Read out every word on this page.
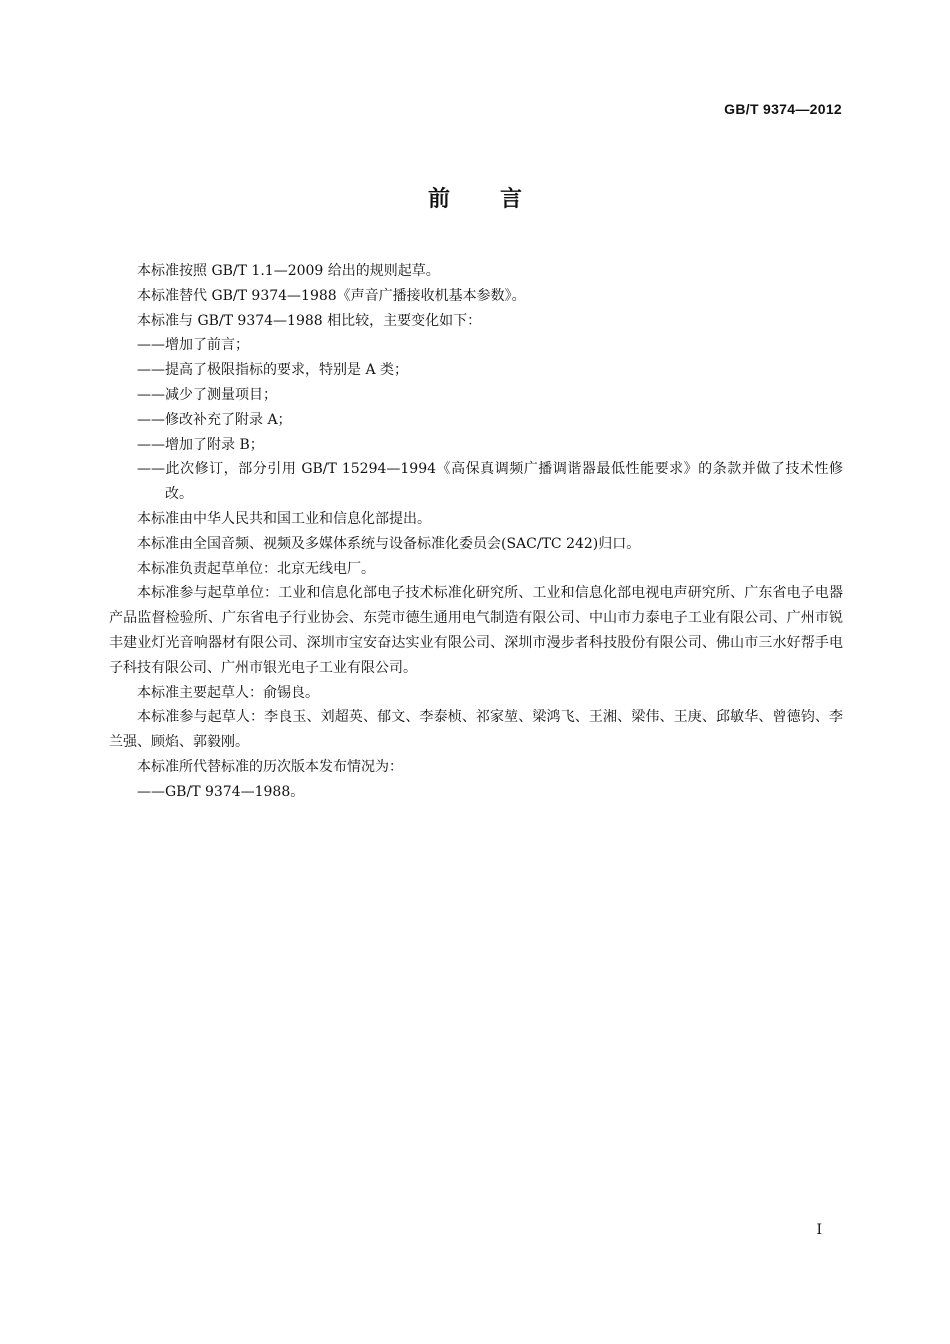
GB/T 9374—2012
前言

本标准按照 GB/T 1.1—2009 给出的规则起草。

本标准替代 GB/T 9374—1988《声音广播接收机基本参数》。

本标准与 GB/T 9374—1988 相比较，主要变化如下：

——增加了前言；

——提高了极限指标的要求，特别是 A 类；

——减少了测量项目；

——修改补充了附录 A；

——增加了附录 B；

——此次修订，部分引用 GB/T 15294—1994《高保真调频广播调谐器最低性能要求》的条款并做了技术性修改。

本标准由中华人民共和国工业和信息化部提出。

本标准由全国音频、视频及多媒体系统与设备标准化委员会(SAC/TC 242)归口。

本标准负责起草单位：北京无线电厂。

本标准参与起草单位：工业和信息化部电子技术标准化研究所、工业和信息化部电视电声研究所、广东省电子电器产品监督检验所、广东省电子行业协会、东莞市德生通用电气制造有限公司、中山市力泰电子工业有限公司、广州市锐丰建业灯光音响器材有限公司、深圳市宝安奋达实业有限公司、深圳市漫步者科技股份有限公司、佛山市三水好帮手电子科技有限公司、广州市银光电子工业有限公司。

本标准主要起草人：俞锡良。

本标准参与起草人：李良玉、刘超英、郁文、李泰桢、祁家堃、梁鸿飞、王湘、梁伟、王庚、邱敏华、曾德钧、李兰强、顾焰、郭毅刚。

本标准所代替标准的历次版本发布情况为：

——GB/T 9374—1988。

I
